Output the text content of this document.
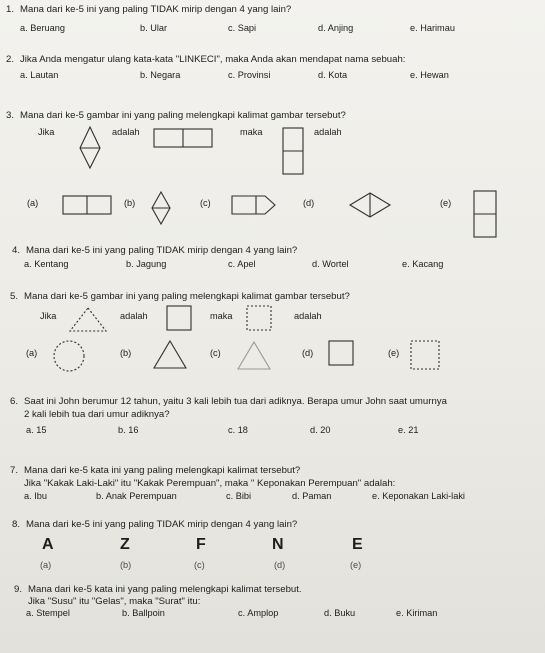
1. Mana dari ke-5 ini yang paling TIDAK mirip dengan 4 yang lain?
a. Beruang	b. Ular	c. Sapi	d. Anjing	e. Harimau
2. Jika Anda mengatur ulang kata-kata "LINKECI", maka Anda akan mendapat nama sebuah:
a. Lautan	b. Negara	c. Provinsi	d. Kota	e. Hewan
3. Mana dari ke-5 gambar ini yang paling melengkapi kalimat gambar tersebut?
Jika	adalah	maka	adalah
(a)	(b)	(c)	(d)	(e)
4. Mana dari ke-5 ini yang paling TIDAK mirip dengan 4 yang lain?
a. Kentang	b. Jagung	c. Apel	d. Wortel	e. Kacang
5. Mana dari ke-5 gambar ini yang paling melengkapi kalimat gambar tersebut?
Jika	adalah	maka	adalah
(a)	(b)	(c)	(d)	(e)
6. Saat ini John berumur 12 tahun, yaitu 3 kali lebih tua dari adiknya. Berapa umur John saat umurnya
2 kali lebih tua dari umur adiknya?
a. 15	b. 16	c. 18	d. 20	e. 21
7. Mana dari ke-5 kata ini yang paling melengkapi kalimat tersebut?
Jika "Kakak Laki-Laki" itu "Kakak Perempuan", maka " Keponakan Perempuan" adalah:
a. Ibu	b. Anak Perempuan	c. Bibi	d. Paman	e. Keponakan Laki-laki
8. Mana dari ke-5 ini yang paling TIDAK mirip dengan 4 yang lain?
A	Z	F	N	E
(a)	(b)	(c)	(d)	(e)
9. Mana dari ke-5 kata ini yang paling melengkapi kalimat tersebut.
Jika "Susu" itu "Gelas", maka "Surat" itu:
a. Stempel	b. Ballpoin	c. Amplop	d. Buku	e. Kiriman
